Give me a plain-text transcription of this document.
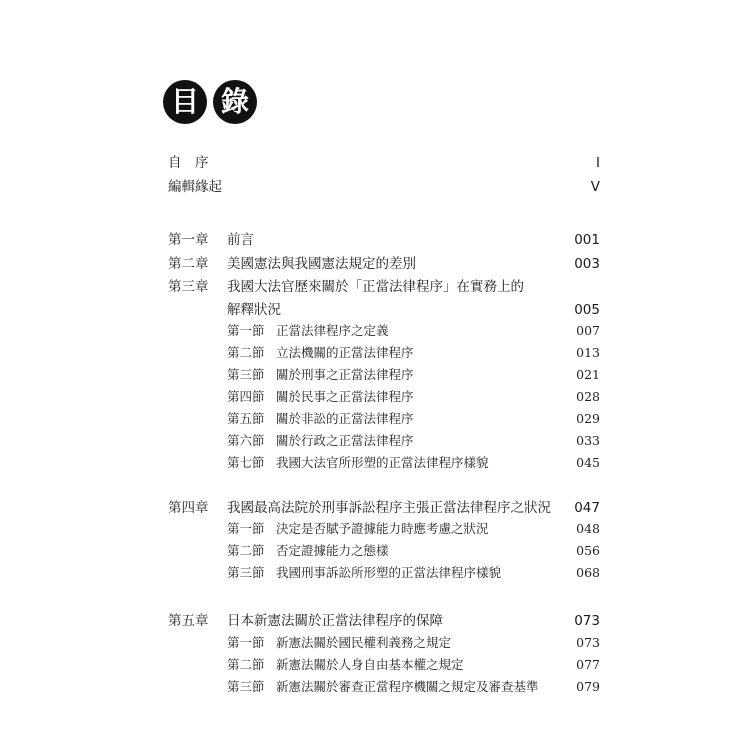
目 錄
自　序	I
編輯緣起	V
第一章 前言	001
第二章 美國憲法與我國憲法規定的差別	003
第三章 我國大法官歷來關於「正當法律程序」在實務上的
解釋狀況	005
第一節 正當法律程序之定義	007
第二節 立法機關的正當法律程序	013
第三節 關於刑事之正當法律程序	021
第四節 關於民事之正當法律程序	028
第五節 關於非訟的正當法律程序	029
第六節 關於行政之正當法律程序	033
第七節 我國大法官所形塑的正當法律程序樣貌	045
第四章 我國最高法院於刑事訴訟程序主張正當法律程序之狀況 047
第一節 決定是否賦予證據能力時應考慮之狀況	048
第二節 否定證據能力之態樣	056
第三節 我國刑事訴訟所形塑的正當法律程序樣貌	068
第五章 日本新憲法關於正當法律程序的保障	073
第一節 新憲法關於國民權利義務之規定	073
第二節 新憲法關於人身自由基本權之規定	077
第三節 新憲法關於審查正當程序機關之規定及審查基準	079
